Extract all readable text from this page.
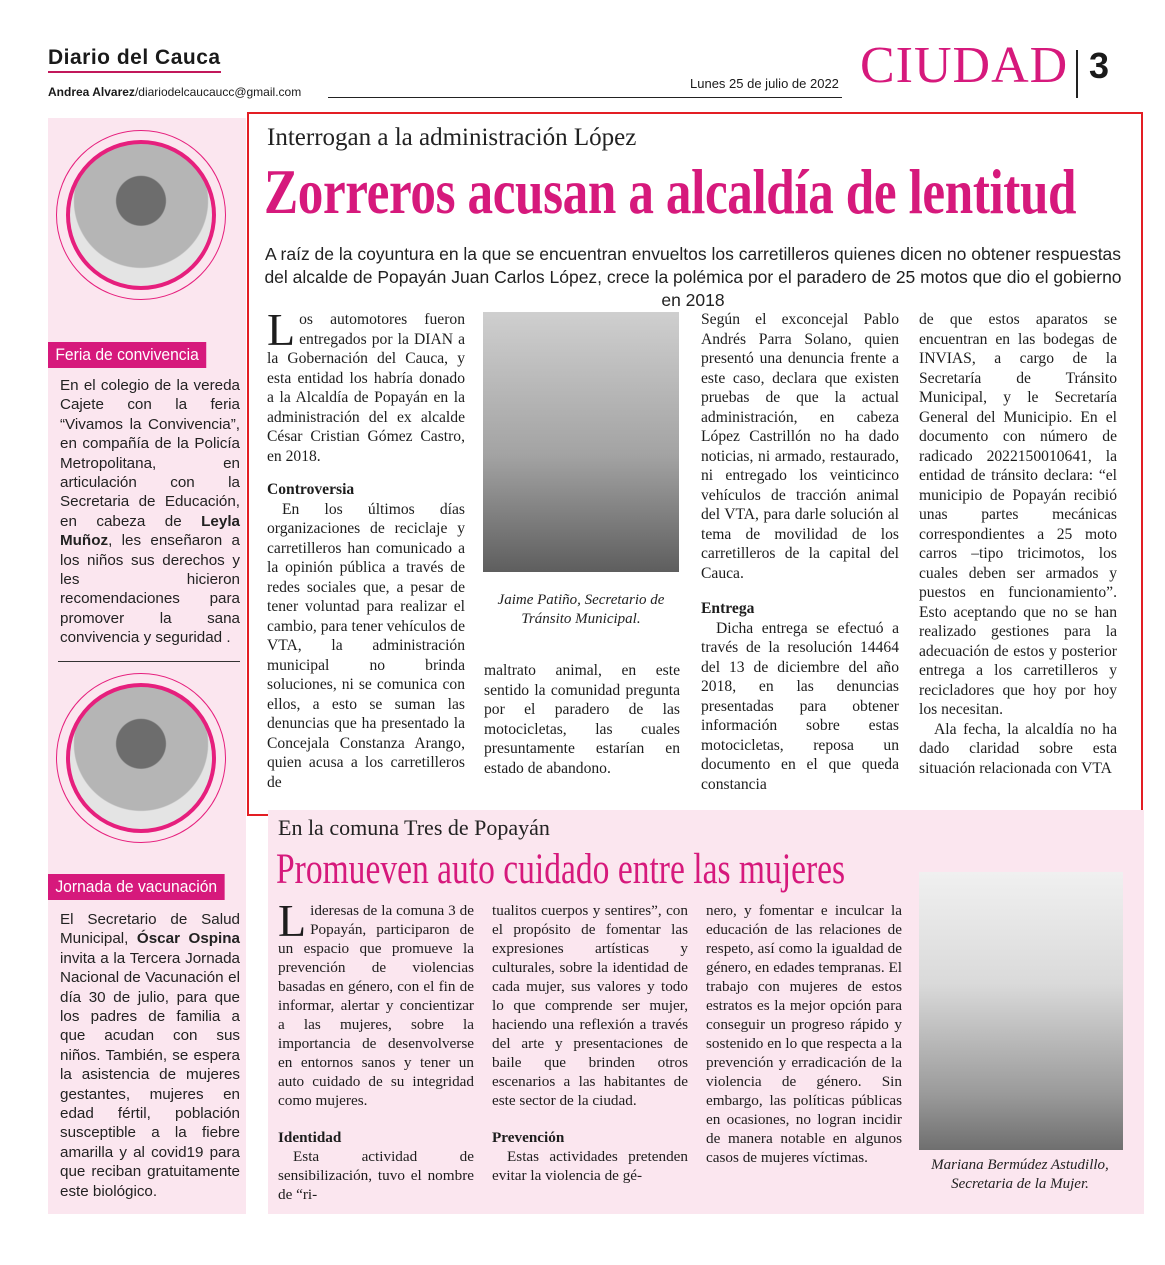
Diario del Cauca
Andrea Alvarez/diariodelcaucaucc@gmail.com
Lunes 25 de julio de 2022 CIUDAD 3
Feria de convivencia
En el colegio de la vereda Cajete con la feria “Vivamos la Convivencia”, en compañía de la Policía Metropolitana, en articulación con la Secretaria de Educación, en cabeza de Leyla Muñoz, les enseñaron a los niños sus derechos y les hicieron recomendaciones para promover la sana convivencia y seguridad .
Jornada de vacunación
El Secretario de Salud Municipal, Óscar Ospina invita a la Tercera Jornada Nacional de Vacunación el día 30 de julio, para que los padres de familia a que acudan con sus niños. También, se espera la asistencia de mujeres gestantes, mujeres en edad fértil, población susceptible a la fiebre amarilla y al covid19 para que reciban gratuitamente este biológico.
Interrogan a la administración López
Zorreros acusan a alcaldía de lentitud
A raíz de la coyuntura en la que se encuentran envueltos los carretilleros quienes dicen no obtener respuestas del alcalde de Popayán Juan Carlos López, crece la polémica por el paradero de 25 motos que dio el gobierno en 2018

Los automotores fueron entregados por la DIAN a la Gobernación del Cauca, y esta entidad los habría donado a la Alcaldía de Popayán en la administración del ex alcalde César Cristian Gómez Castro, en 2018.

Controversia

En los últimos días organizaciones de reciclaje y carretilleros han comunicado a la opinión pública a través de redes sociales que, a pesar de tener voluntad para realizar el cambio, para tener vehículos de VTA, la administración municipal no brinda soluciones, ni se comunica con ellos, a esto se suman las denuncias que ha presentado la Concejala Constanza Arango, quien acusa a los carretilleros de

Jaime Patiño, Secretario de Tránsito Municipal.

maltrato animal, en este sentido la comunidad pregunta por el paradero de las motocicletas, las cuales presuntamente estarían en estado de abandono.

Según el exconcejal Pablo Andrés Parra Solano, quien presentó una denuncia frente a este caso, declara que existen pruebas de que la actual administración, en cabeza López Castrillón no ha dado noticias, ni armado, restaurado, ni entregado los veinticinco vehículos de tracción animal del VTA, para darle solución al tema de movilidad de los carretilleros de la capital del Cauca.

Entrega

Dicha entrega se efectuó a través de la resolución 14464 del 13 de diciembre del año 2018, en las denuncias presentadas para obtener información sobre estas motocicletas, reposa un documento en el que queda constancia

de que estos aparatos se encuentran en las bodegas de INVIAS, a cargo de la Secretaría de Tránsito Municipal, y le Secretaría General del Municipio. En el documento con número de radicado 2022150010641, la entidad de tránsito declara: “el municipio de Popayán recibió unas partes mecánicas correspondientes a 25 moto carros –tipo tricimotos, los cuales deben ser armados y puestos en funcionamiento”. Esto aceptando que no se han realizado gestiones para la adecuación de estos y posterior entrega a los carretilleros y recicladores que hoy por hoy los necesitan.

Ala fecha, la alcaldía no ha dado claridad sobre esta situación relacionada con VTA

En la comuna Tres de Popayán
Promueven auto cuidado entre las mujeres

Lideresas de la comuna 3 de Popayán, participaron de un espacio que promueve la prevención de violencias basadas en género, con el fin de informar, alertar y concientizar a las mujeres, sobre la importancia de desenvolverse en entornos sanos y tener un auto cuidado de su integridad como mujeres.

Identidad

Esta actividad de sensibilización, tuvo el nombre de “ri-

tualitos cuerpos y sentires”, con el propósito de fomentar las expresiones artísticas y culturales, sobre la identidad de cada mujer, sus valores y todo lo que comprende ser mujer, haciendo una reflexión a través del arte y presentaciones de baile que brinden otros escenarios a las habitantes de este sector de la ciudad.

Prevención

Estas actividades pretenden evitar la violencia de gé-

nero, y fomentar e inculcar la educación de las relaciones de respeto, así como la igualdad de género, en edades tempranas. El trabajo con mujeres de estos estratos es la mejor opción para conseguir un progreso rápido y sostenido en lo que respecta a la prevención y erradicación de la violencia de género. Sin embargo, las políticas públicas en ocasiones, no logran incidir de manera notable en algunos casos de mujeres víctimas.	Mariana Bermúdez Astudillo, Secretaria de la Mujer.
